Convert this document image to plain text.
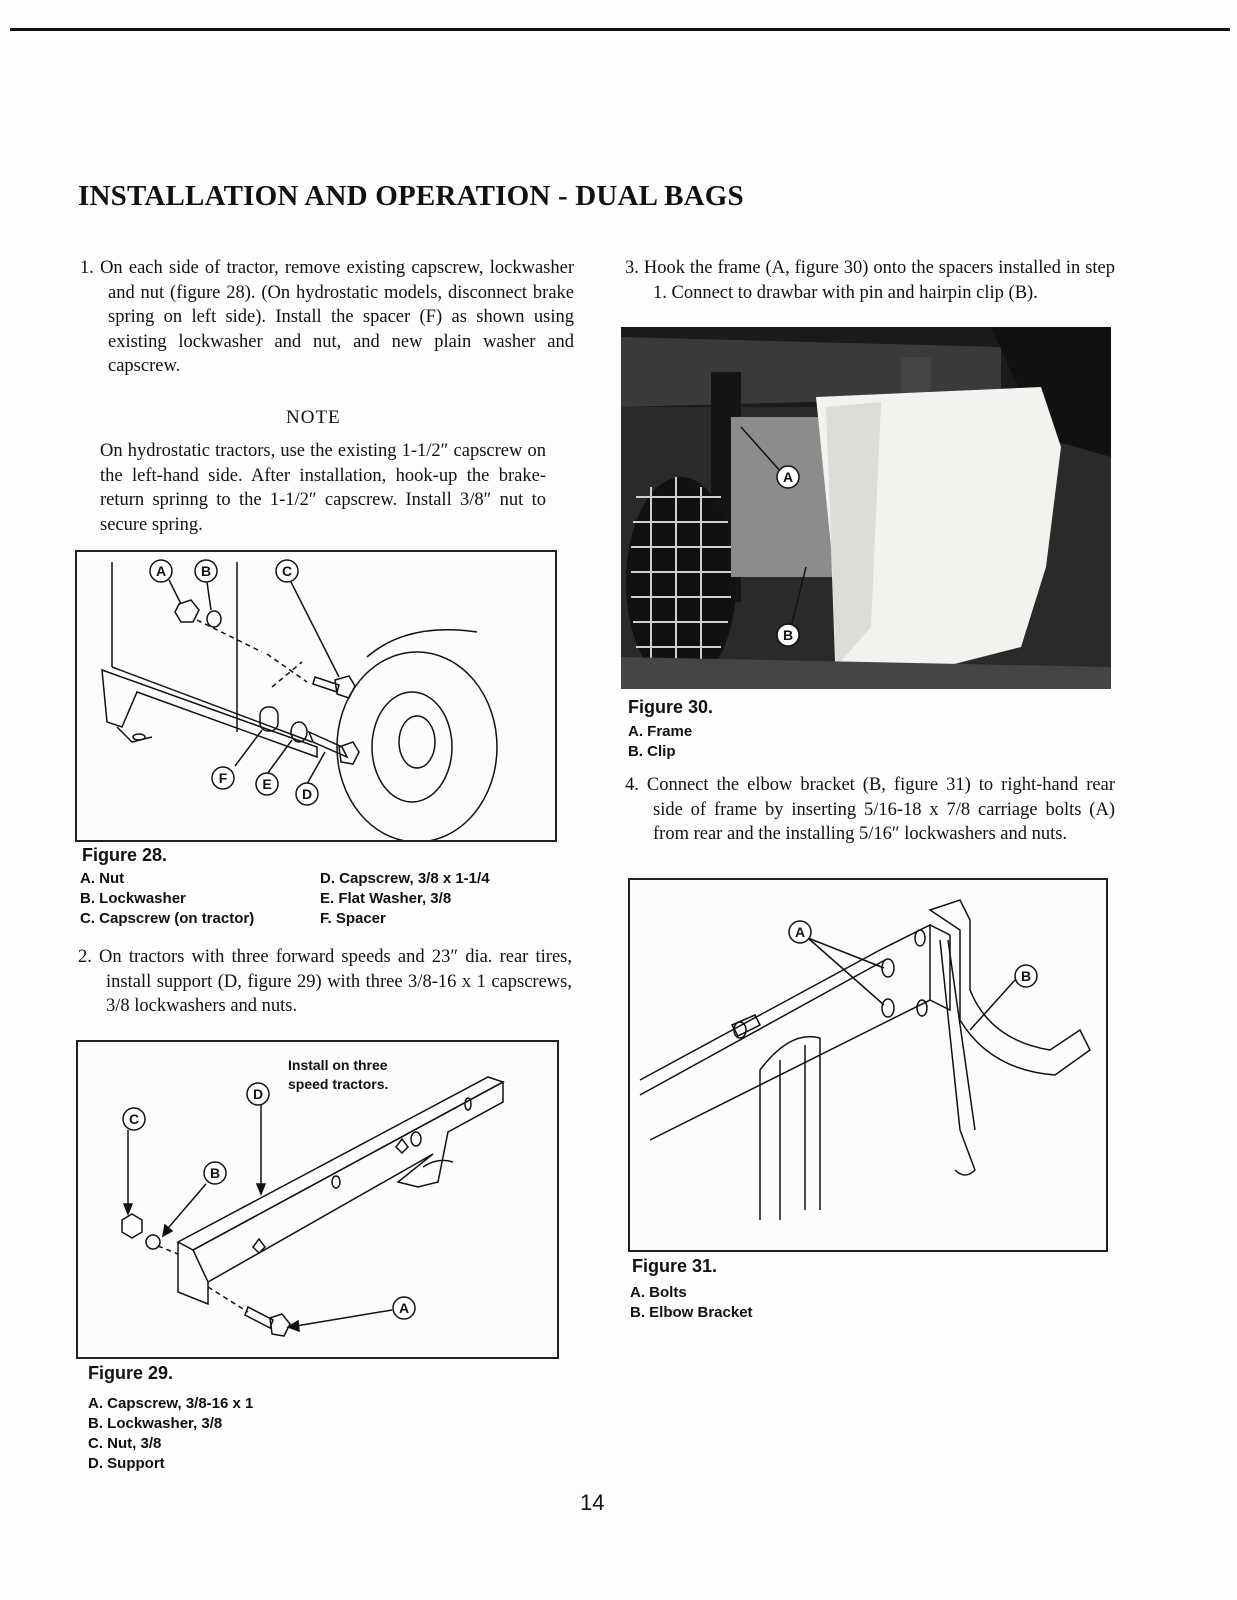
INSTALLATION AND OPERATION - DUAL BAGS

1. On each side of tractor, remove existing capscrew, lockwasher and nut (figure 28). (On hydrostatic models, disconnect brake spring on left side). Install the spacer (F) as shown using existing lockwasher and nut, and new plain washer and capscrew.

NOTE

On hydrostatic tractors, use the existing 1-1/2″ capscrew on the left-hand side. After installation, hook-up the brake-return sprinng to the 1-1/2″ capscrew. Install 3/8″ nut to secure spring.

A B	C
D
E
F
Figure 28.
A. Nut
B. Lockwasher
C. Capscrew (on tractor)
D. Capscrew, 3/8 x 1-1/4
E. Flat Washer, 3/8
F. Spacer

2. On tractors with three forward speeds and 23″ dia. rear tires, install support (D, figure 29) with three 3/8-16 x 1 capscrews, 3/8 lockwashers and nuts.

C
B
D
A
Install on three
speed tractors.
Figure 29.
A. Capscrew, 3/8-16 x 1
B. Lockwasher, 3/8
C. Nut, 3/8
D. Support

3. Hook the frame (A, figure 30) onto the spacers installed in step 1. Connect to drawbar with pin and hairpin clip (B).

A
B
Figure 30.
A. Frame
B. Clip

4. Connect the elbow bracket (B, figure 31) to right-hand rear side of frame by inserting 5/16-18 x 7/8 carriage bolts (A) from rear and the installing 5/16″ lockwashers and nuts.

A
B
Figure 31.
A. Bolts
B. Elbow Bracket
14
